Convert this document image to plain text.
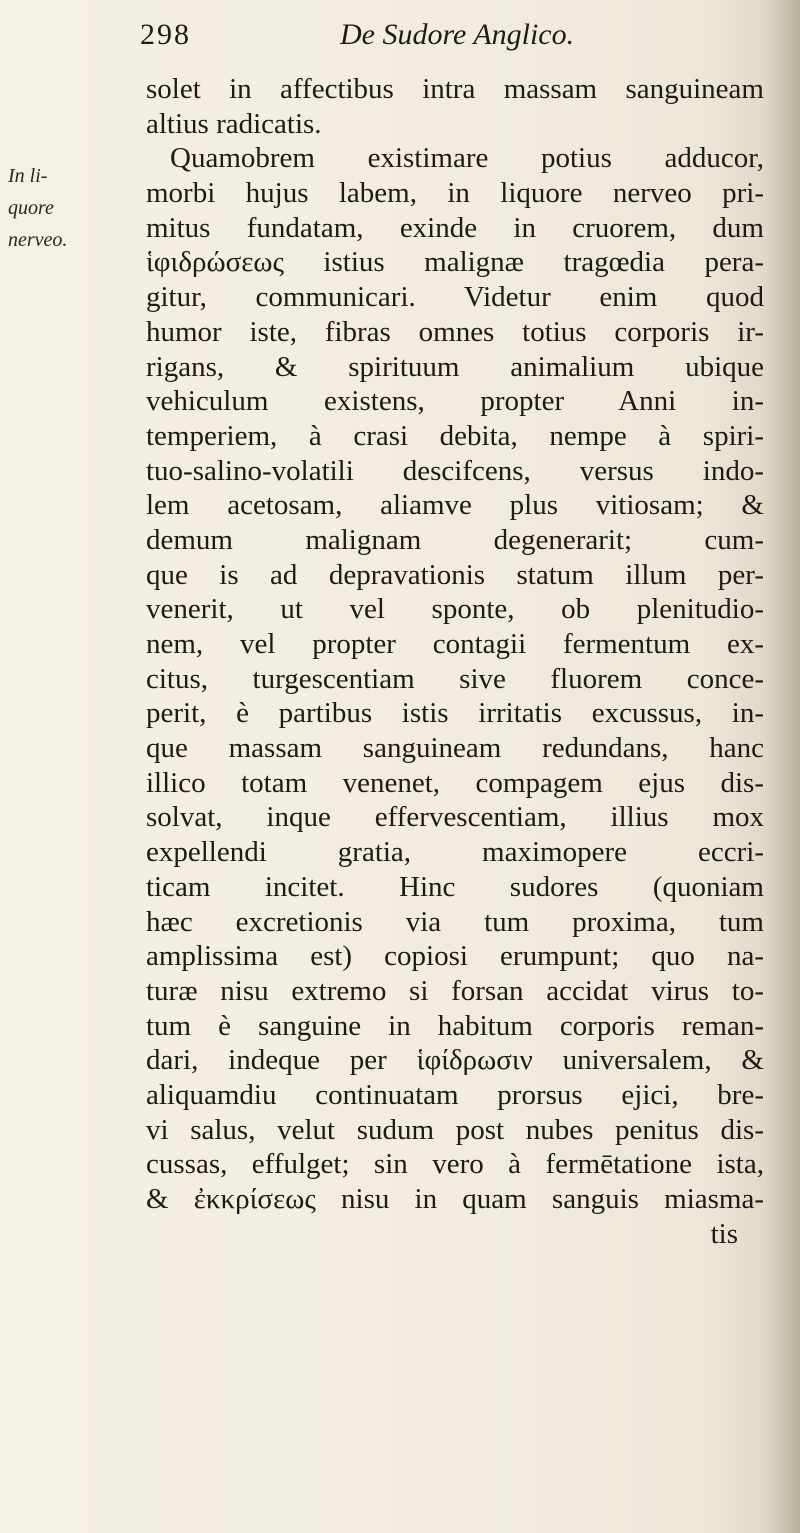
298	De Sudore Anglico.
In li-
quore
nerveo.
solet in affectibus intra massam sanguineam
altius radicatis.
Quamobrem existimare potius adducor,
morbi hujus labem, in liquore nerveo pri-
mitus fundatam, exinde in cruorem, dum
ἱφιδρώσεως istius malignæ tragœdia pera-
gitur, communicari. Videtur enim quod
humor iste, fibras omnes totius corporis ir-
rigans, & spirituum animalium ubique
vehiculum existens, propter Anni in-
temperiem, à crasi debita, nempe à spiri-
tuo-salino-volatili descifcens, versus indo-
lem acetosam, aliamve plus vitiosam; &
demum malignam degenerarit; cum-
que is ad depravationis statum illum per-
venerit, ut vel sponte, ob plenitudio-
nem, vel propter contagii fermentum ex-
citus, turgescentiam sive fluorem conce-
perit, è partibus istis irritatis excussus, in-
que massam sanguineam redundans, hanc
illico totam venenet, compagem ejus dis-
solvat, inque effervescentiam, illius mox
expellendi gratia, maximopere eccri-
ticam incitet. Hinc sudores (quoniam
hæc excretionis via tum proxima, tum
amplissima est) copiosi erumpunt; quo na-
turæ nisu extremo si forsan accidat virus to-
tum è sanguine in habitum corporis reman-
dari, indeque per ἱφίδρωσιν universalem, &
aliquamdiu continuatam prorsus ejici, bre-
vi salus, velut sudum post nubes penitus dis-
cussas, effulget; sin vero à fermētatione ista,
& ἐκκρίσεως nisu in quam sanguis miasma-
tis
